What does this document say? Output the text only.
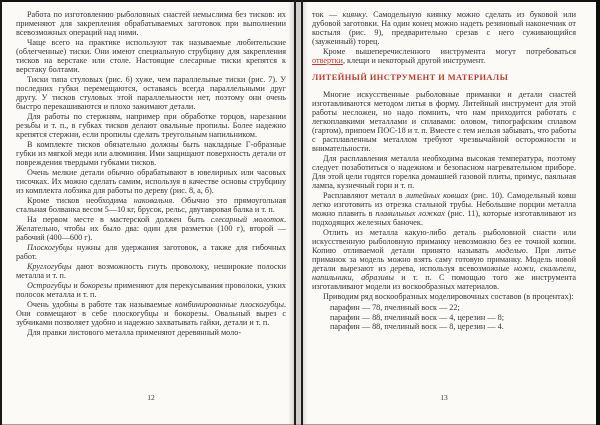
Работа по изготовлению рыболовных снастей немыслима без тисков: их применяют для закрепления обрабатываемых заготовок при выполнении всевозможных операций над ними.

Чаще всего на практике используют так называемые любительские (облегченные) тиски. Они имеют специальную струбцину для закрепления тисков на верстаке или столе. Настоящие слесарные тиски крепятся к верстаку болтами.

Тиски типа стуловых (рис. 6) хуже, чем параллельные тиски (рис. 7). У последних губки перемещаются, оставаясь всегда параллельными друг другу. У тисков стуловых этой параллельности нет, поэтому они очень быстро перекашиваются и плохо зажимают детали.

Для работы по стержням, например при обработке торцов, нарезании резьбы и т. п., в губках тисков делают овальные пропилы. Более надежно крепятся стержни, если пропилы сделать треугольным напильником.

В комплекте тисков обязательно должны быть накладные Г-образные губки из мягкой меди или алюминия. Ими защищают поверхность детали от повреждения твердыми губками тисков.

Очень мелкие детали обычно обрабатывают в ювелирных или часовых тисочках. Их можно сделать самим, используя в качестве основы струбцину из комплекта лобзика для работы по дереву (рис. 8, а, б).

Кроме тисков необходима наковальня. Обычно это прямоугольная стальная болванка весом 5—10 кг, брусок, рельс, двутавровая балка и т. п.

На первом месте в мастерской должен быть слесарный молоток. Желательно, чтобы их было два: один для разметки (100 г), второй — рабочий (400—600 г).

Плоскогубцы нужны для удержания заготовок, а также для гибочных работ.

Круглогубцы дают возможность гнуть проволоку, неширокие полоски металла и т. п.

Острогубцы и бокорезы применяют для перекусывания проволоки, узких полосок металла и т. п.

Очень удобны в работе так называемые комбинированные плоскогубцы. Они совмещают в себе плоскогубцы и бокорезы. Овальный вырез с зубчиками позволяет удобно и надежно захватывать гайки, детали и т. п.

Для правки листового металла применяют деревянный моло-

12

ток — киянку. Самодельную киянку можно сделать из буковой или дубовой заготовки. На один конец можно надеть резиновый наконечник от костыля (рис. 9), предварительно срезав с него суживающийся (зауженный) торец.

Кроме вышеперечисленного инструмента могут потребоваться отвертки, клещи и некоторый другой инструмент.

ЛИТЕЙНЫЙ ИНСТРУМЕНТ И МАТЕРИАЛЫ

Многие искусственные рыболовные приманки и детали снастей изготавливаются методом литья в форму. Литейный инструмент для этой работы несложен, но надо помнить, что нам приходится работать с легкоплавкими металлами и сплавами: оловом, типографским сплавом (гартом), припоем ПОС-18 и т. п. Вместе с тем нельзя забывать, что работы с расплавленным металлом требуют чрезвычайной осторожности и внимательности.

Для расплавления металла необходима высокая температура, поэтому следует позаботиться о надежном и безопасном нагревательном приборе. Для этой цели годятся горелка домашней газовой плиты, примус, паяльная лампа, кузнечный горн и т. п.

Расплавляют металл в литейных ковшах (рис. 10). Самодельный ковш легко изготовить из отрезка стальной трубы. Небольшие порции металла можно плавить в плавильных ложках (рис. 11), которые изготавливают из подходящих железных баночек.

Отлить из металла какую-либо деталь рыболовной снасти или искусственную рыболовную приманку невозможно без ее точной копии. Копию отливаемой детали принято называть моделью. При литье приманок за модель можно взять саму готовую приманку. Модель новой детали вырезают из дерева, используя всевозможные ножи, скальпели, напильники, абразивы и т. п. С помощью того же инструмента изготавливают модели из воскообразных материалов.

Приводим ряд воскообразных моделировочных составов (в процентах):

парафин — 78, пчелиный воск — 22;
парафин — 88, пчелиный воск — 4, церезин — 8;
парафин — 88, пчелиный воск — 8, церезин — 4.
13
